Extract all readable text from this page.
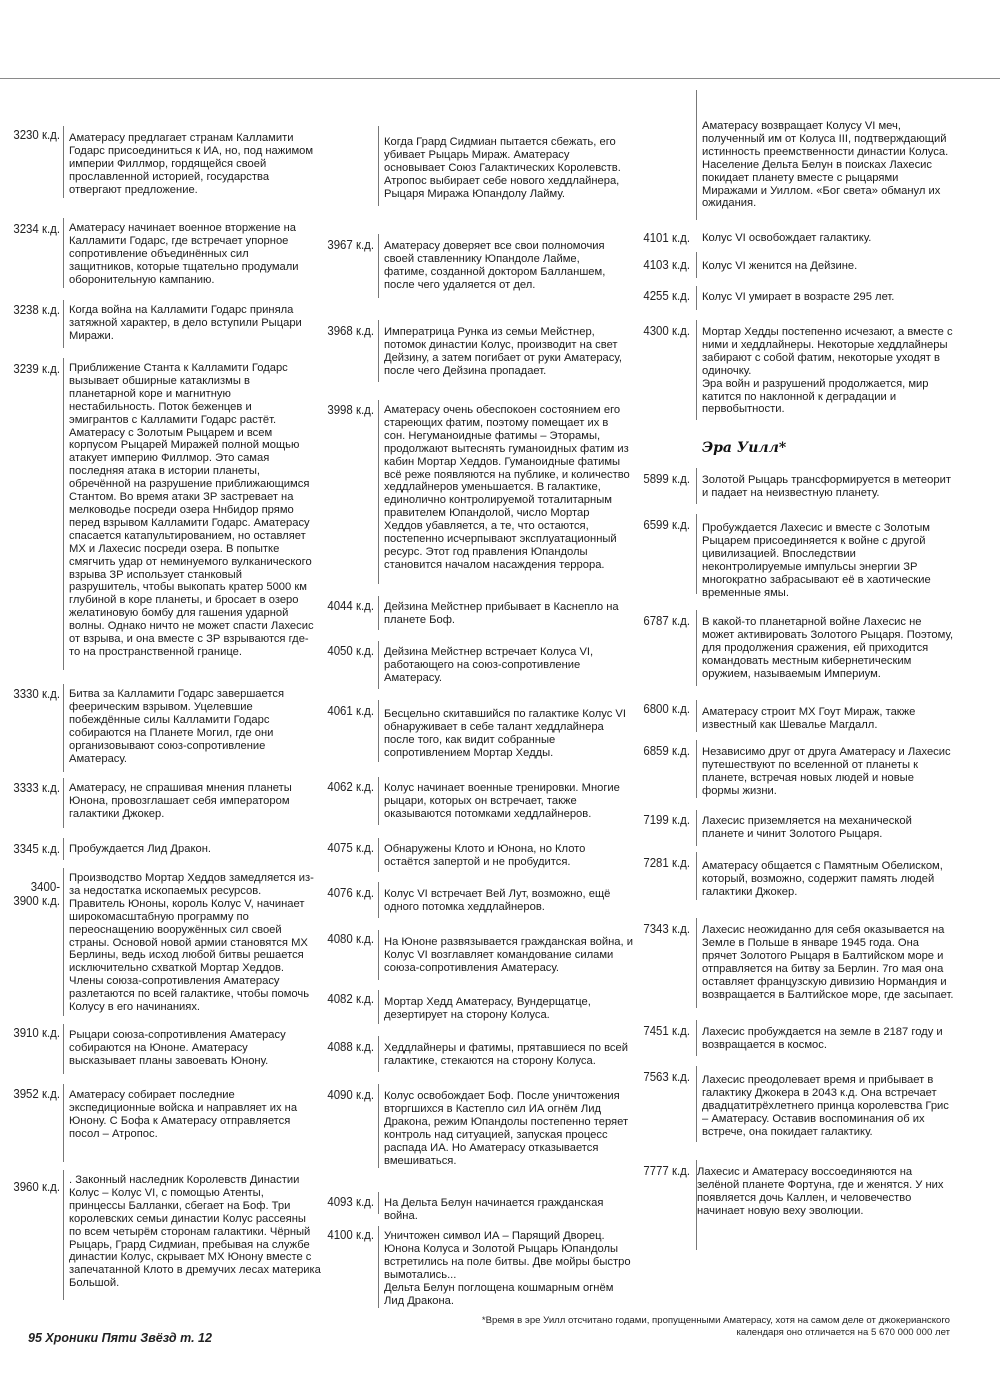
3230 к.д. Аматерасу предлагает странам Калламити Годарс присоединиться к ИА, но, под нажимом империи Филлмор, гордящейся своей прославленной историей, государства отвергают предложение.
3234 к.д. Аматерасу начинает военное вторжение на Калламити Годарс, где встречает упорное сопротивление объединённых сил защитников, которые тщательно продумали оборонительную кампанию.
3238 к.д. Когда война на Калламити Годарс приняла затяжной характер, в дело вступили Рыцари Миражи.
3239 к.д. Приближение Станта к Калламити Годарс вызывает обширные катаклизмы в планетарной коре и магнитную нестабильность. Поток беженцев и эмигрантов с Калламити Годарс растёт. Аматерасу с Золотым Рыцарем и всем корпусом Рыцарей Миражей полной мощью атакует империю Филлмор. Это самая последняя атака в истории планеты, обречённой на разрушение приближающимся Стантом. Во время атаки ЗР застревает на мелководье посреди озера Ннбидор прямо перед взрывом Калламити Годарс. Аматерасу спасается катапультированием, но оставляет МХ и Лахесис посреди озера. В попытке смягчить удар от неминуемого вулканического взрыва ЗР использует станковый разрушитель, чтобы выкопать кратер 5000 км глубиной в коре планеты, и бросает в озеро желатиновую бомбу для гашения ударной волны. Однако ничто не может спасти Лахесис от взрыва, и она вместе с ЗР взрываются где-то на пространственной границе.
3330 к.д. Битва за Калламити Годарс завершается феерическим взрывом. Уцелевшие побеждённые силы Калламити Годарс собираются на Планете Могил, где они организовывают союз-сопротивление Аматерасу.
3333 к.д. Аматерасу, не спрашивая мнения планеты Юнона, провозглашает себя императором галактики Джокер.
3345 к.д. Пробуждается Лид Дракон.
3400-
3900 к.д.
Производство Мортар Хеддов замедляется из-за недостатка ископаемых ресурсов. Правитель Юноны, король Колус V, начинает широкомасштабную программу по переоснащению вооружённых сил своей страны. Основой новой армии становятся МХ Берлины, ведь исход любой битвы решается исключительно схваткой Мортар Хеддов. Члены союза-сопротивления Аматерасу разлетаются по всей галактике, чтобы помочь Колусу в его начинаниях.
3910 к.д. Рыцари союза-сопротивления Аматерасу собираются на Юноне. Аматерасу высказывает планы завоевать Юнону.
3952 к.д. Аматерасу собирает последние экспедиционные войска и направляет их на Юнону. С Бофа к Аматерасу отправляется посол – Атропос.
3960 к.д. . Законный наследник Королевств Династии Колус – Колус VI, с помощью Атенты, принцессы Балланки, сбегает на Боф. Три королевских семьи династии Колус рассеяны по всем четырём сторонам галактики. Чёрный Рыцарь, Грард Сидмиан, пребывая на службе династии Колус, скрывает МХ Юнону вместе с запечатанной Клото в дремучих лесах материка Большой.
Когда Грард Сидмиан пытается сбежать, его убивает Рыцарь Мираж. Аматерасу основывает Союз Галактических Королевств. Атропос выбирает себе нового хеддлайнера, Рыцаря Миража Юпандолу Лайму.
3967 к.д. Аматерасу доверяет все свои полномочия своей ставленнику Юпандоле Лайме, фатиме, созданной доктором Балланшем, после чего удаляется от дел.
3968 к.д. Императрица Рунка из семьи Мейстнер, потомок династии Колус, производит на свет Дейзину, а затем погибает от руки Аматерасу, после чего Дейзина пропадает.
3998 к.д. Аматерасу очень обеспокоен состоянием его стареющих фатим, поэтому помещает их в сон. Негуманоидные фатимы – Эторамы, продолжают вытеснять гуманоидных фатим из кабин Мортар Хеддов. Гуманоидные фатимы всё реже появляются на публике, и количество хеддлайнеров уменьшается. В галактике, единолично контролируемой тоталитарным правителем Юпандолой, число Мортар Хеддов убавляется, а те, что остаются, постепенно исчерпывают эксплуатационный ресурс. Этот год правления Юпандолы становится началом насаждения террора.
4044 к.д. Дейзина Мейстнер прибывает в Каснепло на планете Боф.
4050 к.д. Дейзина Мейстнер встречает Колуса VI, работающего на союз-сопротивление Аматерасу.
4061 к.д. Бесцельно скитавшийся по галактике Колус VI обнаруживает в себе талант хеддлайнера после того, как видит собранные сопротивлением Мортар Хедды.
4062 к.д. Колус начинает военные тренировки. Многие рыцари, которых он встречает, также оказываются потомками хеддлайнеров.
4075 к.д. Обнаружены Клото и Юнона, но Клото остаётся запертой и не пробудится.
4076 к.д. Колус VI встречает Вей Лут, возможно, ещё одного потомка хеддлайнеров.
4080 к.д. На Юноне развязывается гражданская война, и Колус VI возглавляет командование силами союза-сопротивления Аматерасу.
4082 к.д. Мортар Хедд Аматерасу, Вундерщатце, дезертирует на сторону Колуса.
4088 к.д. Хеддлайнеры и фатимы, прятавшиеся по всей галактике, стекаются на сторону Колуса.
4090 к.д. Колус освобождает Боф. После уничтожения вторгшихся в Кастепло сил ИА огнём Лид Дракона, режим Юпандолы постепенно теряет контроль над ситуацией, запуская процесс распада ИА. Но Аматерасу отказывается вмешиваться.
4093 к.д. На Дельта Белун начинается гражданская война.
4100 к.д. Уничтожен символ ИА – Парящий Дворец. Юнона Колуса и Золотой Рыцарь Юпандолы встретились на поле битвы. Две мойры быстро вымотались...
Дельта Белун поглощена кошмарным огнём Лид Дракона.
Аматерасу возвращает Колусу VI меч, полученный им от Колуса III, подтверждающий истинность преемственности династии Колуса. Население Дельта Белун в поисках Лахесис покидает планету вместе с рыцарями Миражами и Уиллом. «Бог света» обманул их ожидания.
4101 к.д. Колус VI освобождает галактику.
4103 к.д. Колус VI женится на Дейзине.
4255 к.д. Колус VI умирает в возрасте 295 лет.
4300 к.д. Мортар Хедды постепенно исчезают, а вместе с ними и хеддлайнеры. Некоторые хеддлайнеры забирают с собой фатим, некоторые уходят в одиночку.
Эра войн и разрушений продолжается, мир катится по наклонной к деградации и первобытности.
Эра Уилл*
5899 к.д. Золотой Рыцарь трансформируется в метеорит и падает на неизвестную планету.
6599 к.д. Пробуждается Лахесис и вместе с Золотым Рыцарем присоединяется к войне с другой цивилизацией. Впоследствии неконтролируемые импульсы энергии ЗР многократно забрасывают её в хаотические временные ямы.
6787 к.д. В какой-то планетарной войне Лахесис не может активировать Золотого Рыцаря. Поэтому, для продолжения сражения, ей приходится командовать местным кибернетическим оружием, называемым Империум.
6800 к.д. Аматерасу строит МХ Гоут Мираж, также известный как Шевалье Магдалл.
6859 к.д. Независимо друг от друга Аматерасу и Лахесис путешествуют по вселенной от планеты к планете, встречая новых людей и новые формы жизни.
7199 к.д. Лахесис приземляется на механической планете и чинит Золотого Рыцаря.
7281 к.д. Аматерасу общается с Памятным Обелиском, который, возможно, содержит память людей галактики Джокер.
7343 к.д. Лахесис неожиданно для себя оказывается на Земле в Польше в январе 1945 года. Она прячет Золотого Рыцаря в Балтийском море и отправляется на битву за Берлин. 7го мая она оставляет французскую дивизию Нормандия и возвращается в Балтийское море, где засыпает.
7451 к.д. Лахесис пробуждается на земле в 2187 году и возвращается в космос.
7563 к.д. Лахесис преодолевает время и прибывает в галактику Джокера в 2043 к.д. Она встречает двадцатитрёхлетнего принца королевства Грис – Аматерасу. Оставив воспоминания об их встрече, она покидает галактику.
7777 к.д. Лахесис и Аматерасу воссоединяются на зелёной планете Фортуна, где и женятся. У них появляется дочь Каллен, и человечество начинает новую веху эволюции.
*Время в эре Уилл отсчитано годами, пропущенными Аматерасу, хотя на самом деле от джокерианского календаря оно отличается на 5 670 000 000 лет
95 Хроники Пяти Звёзд т. 12
